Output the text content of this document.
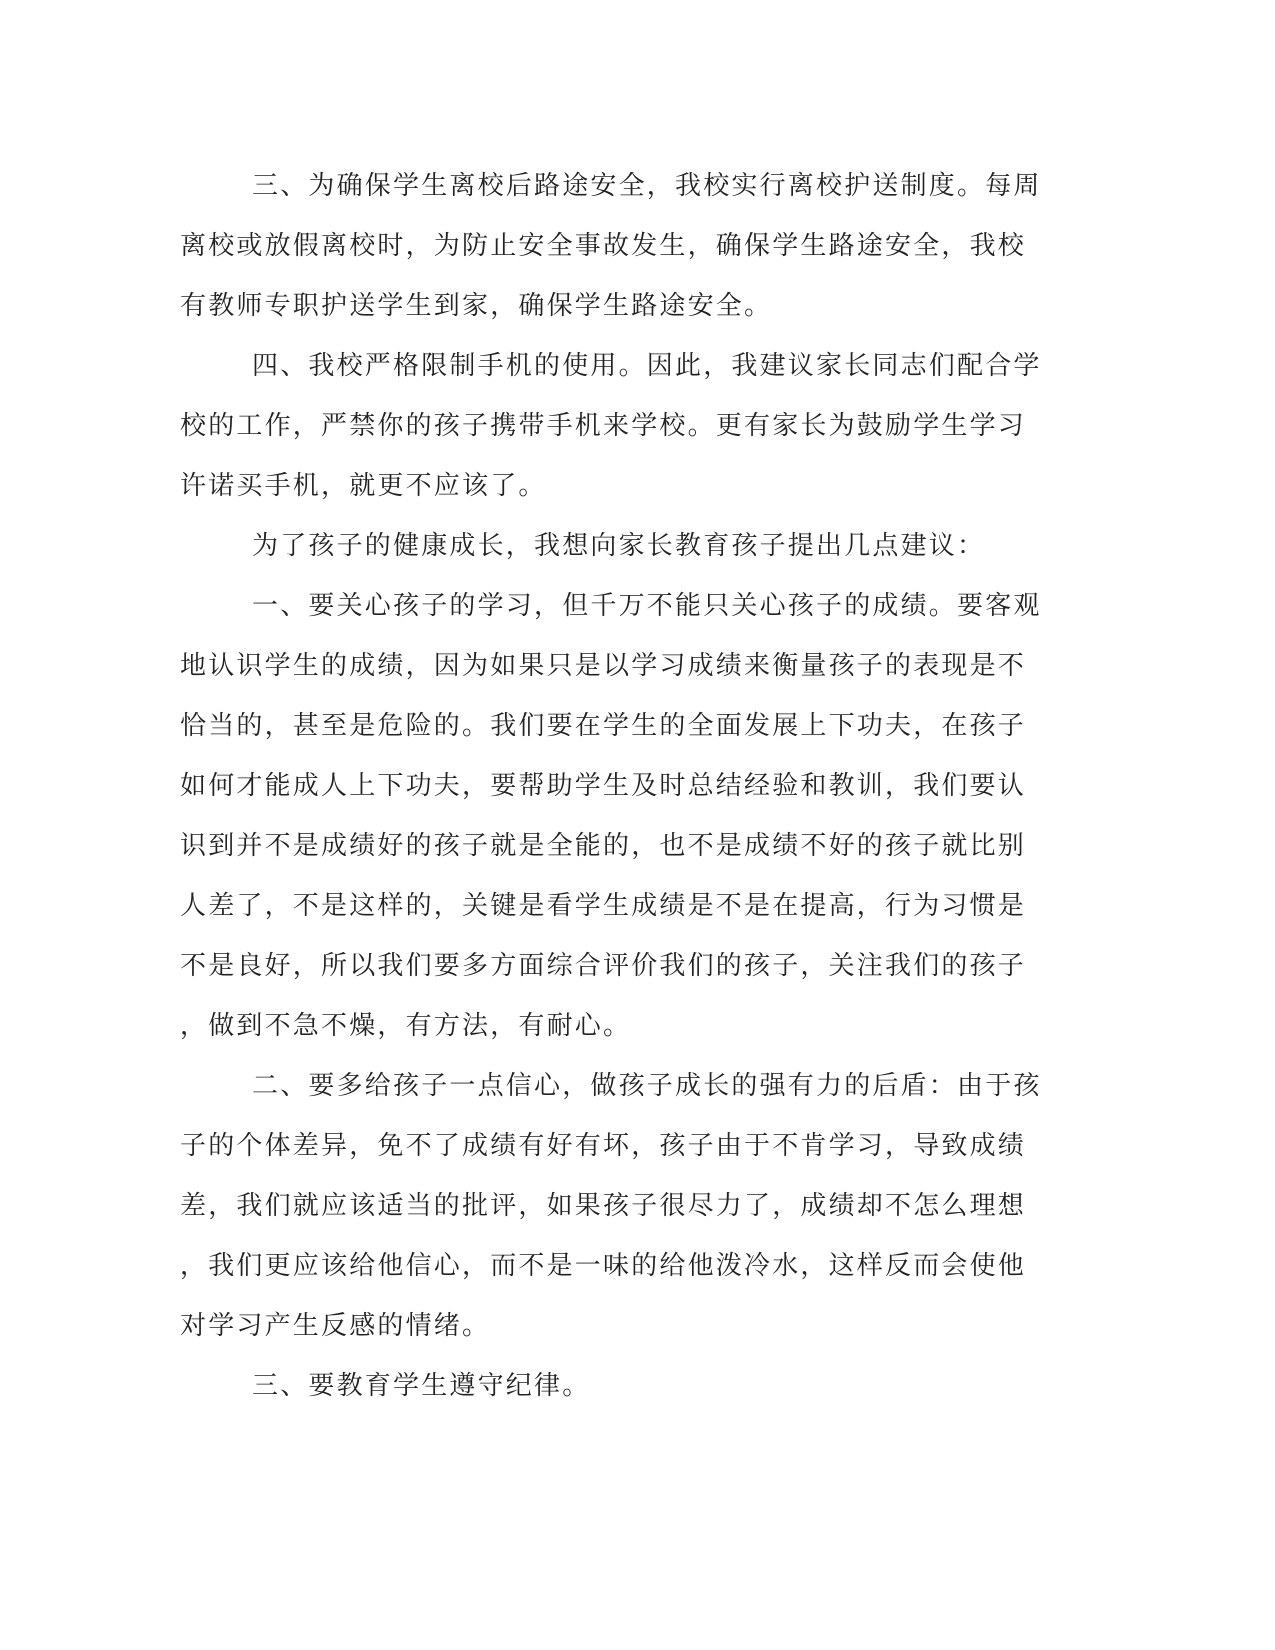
三、为确保学生离校后路途安全，我校实行离校护送制度。每周
离校或放假离校时，为防止安全事故发生，确保学生路途安全，我校
有教师专职护送学生到家，确保学生路途安全。
四、我校严格限制手机的使用。因此，我建议家长同志们配合学
校的工作，严禁你的孩子携带手机来学校。更有家长为鼓励学生学习
许诺买手机，就更不应该了。
为了孩子的健康成长，我想向家长教育孩子提出几点建议：
一、要关心孩子的学习，但千万不能只关心孩子的成绩。要客观
地认识学生的成绩，因为如果只是以学习成绩来衡量孩子的表现是不
恰当的，甚至是危险的。我们要在学生的全面发展上下功夫，在孩子
如何才能成人上下功夫，要帮助学生及时总结经验和教训，我们要认
识到并不是成绩好的孩子就是全能的，也不是成绩不好的孩子就比别
人差了，不是这样的，关键是看学生成绩是不是在提高，行为习惯是
不是良好，所以我们要多方面综合评价我们的孩子，关注我们的孩子
，做到不急不燥，有方法，有耐心。
二、要多给孩子一点信心，做孩子成长的强有力的后盾：由于孩
子的个体差异，免不了成绩有好有坏，孩子由于不肯学习，导致成绩
差，我们就应该适当的批评，如果孩子很尽力了，成绩却不怎么理想
，我们更应该给他信心，而不是一味的给他泼冷水，这样反而会使他
对学习产生反感的情绪。
三、要教育学生遵守纪律。
